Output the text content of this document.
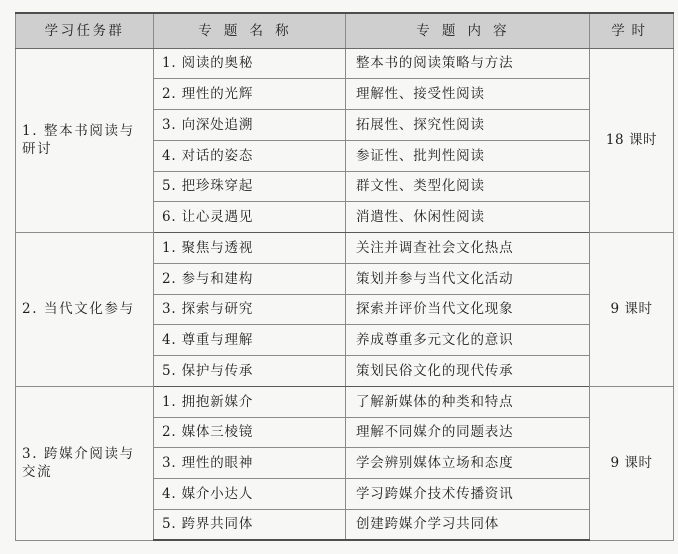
学习任务群	专题名称	专题内容	学时
1. 整本书阅读与研讨	1. 阅读的奥秘	整本书的阅读策略与方法	18 课时
	2. 理性的光辉	理解性、接受性阅读	
	3. 向深处追溯	拓展性、探究性阅读	
	4. 对话的姿态	参证性、批判性阅读	
	5. 把珍珠穿起	群文性、类型化阅读	
	6. 让心灵遇见	消遣性、休闲性阅读	
2. 当代文化参与	1. 聚焦与透视	关注并调查社会文化热点	9 课时
	2. 参与和建构	策划并参与当代文化活动	
	3. 探索与研究	探索并评价当代文化现象	
	4. 尊重与理解	养成尊重多元文化的意识	
	5. 保护与传承	策划民俗文化的现代传承	
3. 跨媒介阅读与交流	1. 拥抱新媒介	了解新媒体的种类和特点	9 课时
	2. 媒体三棱镜	理解不同媒介的同题表达	
	3. 理性的眼神	学会辨别媒体立场和态度	
	4. 媒介小达人	学习跨媒介技术传播资讯	
	5. 跨界共同体	创建跨媒介学习共同体	
